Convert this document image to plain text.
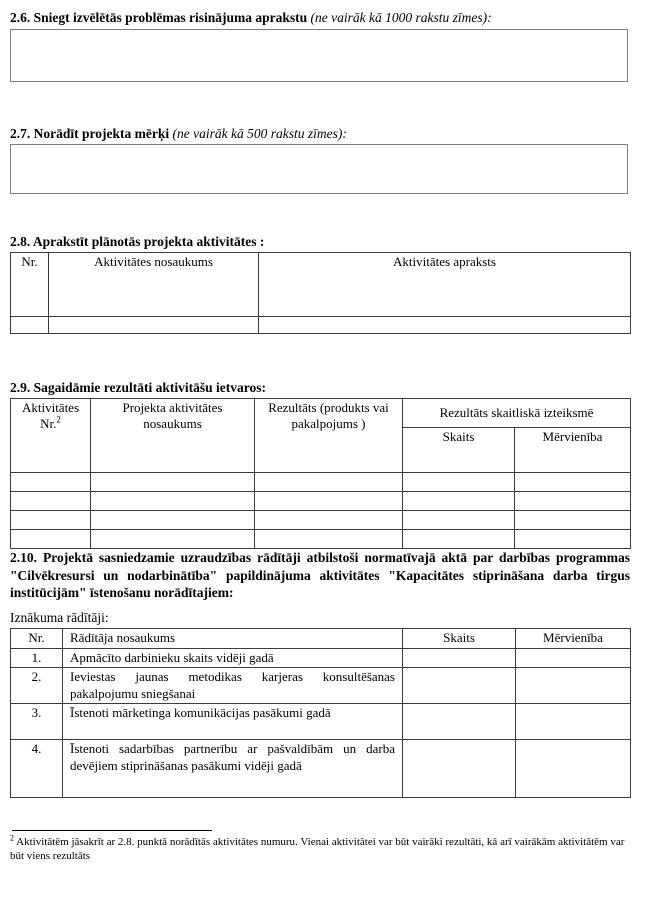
2.6. Sniegt izvēlētās problēmas risinājuma aprakstu (ne vairāk kā 1000 rakstu zīmes):
2.7. Norādīt projekta mērķi (ne vairāk kā 500 rakstu zīmes):
2.8. Aprakstīt plānotās projekta aktivitātes :
Nr.	Aktivitātes nosaukums	Aktivitātes apraksts

2.9. Sagaidāmie rezultāti aktivitāšu ietvaros:
Aktivitātes Nr.$^2$	Projekta aktivitātes nosaukums	Rezultāts (produkts vai pakalpojums )	Rezultāts skaitliskā izteiksmē	
			Skaits	Mērvienība

2.10. Projektā sasniedzamie uzraudzības rādītāji atbilstoši normatīvajā aktā par darbības programmas "Cilvēkresursi un nodarbinātība" papildinājuma aktivitātes "Kapacitātes stiprināšana darba tirgus institūcijām" īstenošanu norādītajiem:

Iznākuma rādītāji:
Nr.	Rādītāja nosaukums	Skaits	Mērvienība
1.	Apmācīto darbinieku skaits vidēji gadā		
2.	Ieviestas jaunas metodikas karjeras konsultēšanas pakalpojumu sniegšanai		
3.	Īstenoti mārketinga komunikācijas pasākumi gadā		
4.	Īstenoti sadarbības partnerību ar pašvaldībām un darba devējiem stiprināšanas pasākumi vidēji gadā		
$^2$ Aktivitātēm jāsakrīt ar 2.8. punktā norādītās aktivitātes numuru. Vienai aktivitātei var būt vairāki rezultāti, kā arī vairākām aktivitātēm var būt viens rezultāts
